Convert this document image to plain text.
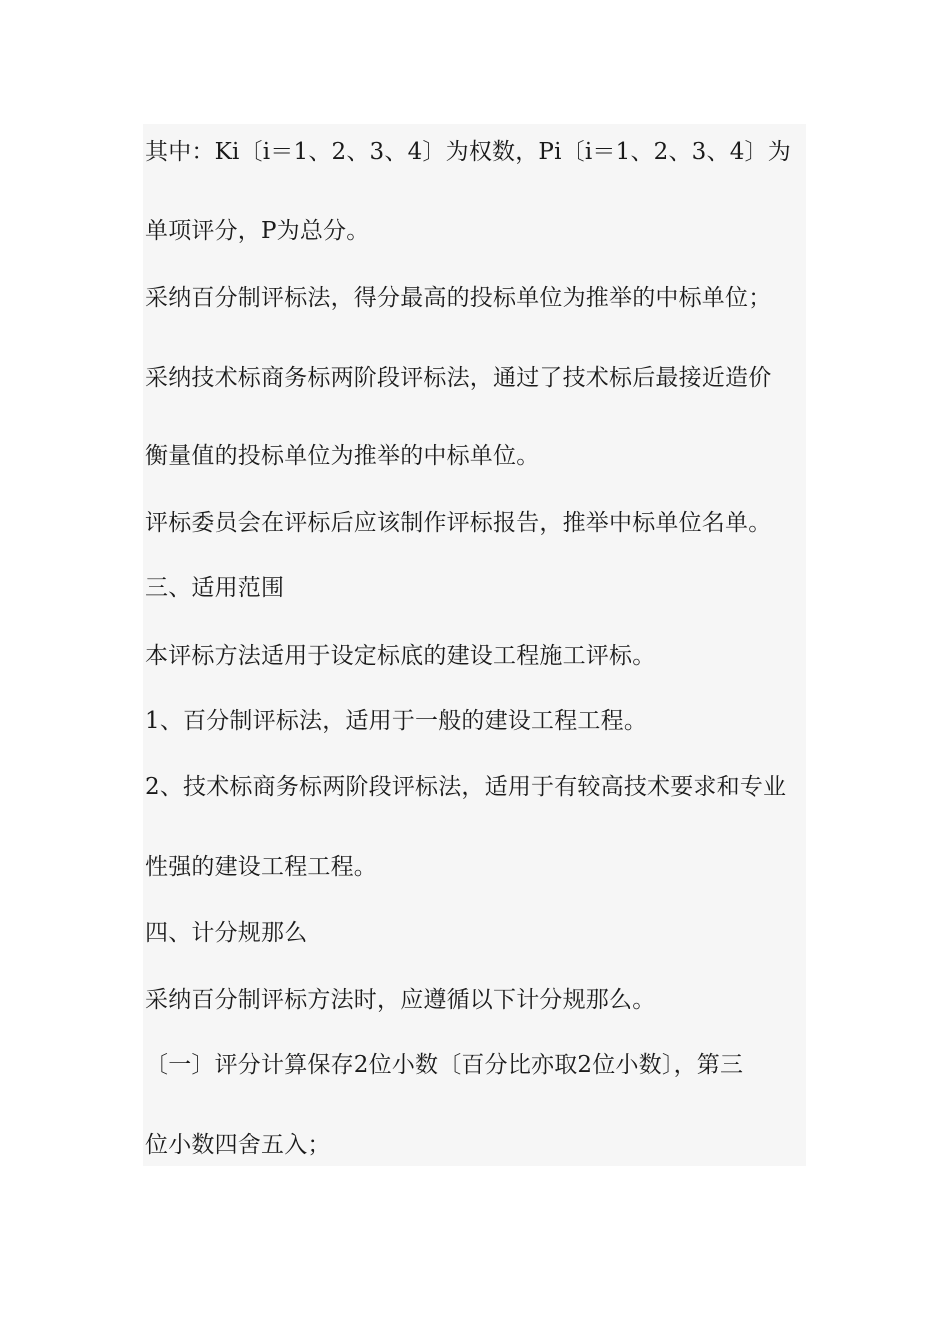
其中：Ki〔i＝1、2、3、4〕为权数，Pi〔i＝1、2、3、4〕为

单项评分，P为总分。

采纳百分制评标法，得分最高的投标单位为推举的中标单位；

采纳技术标商务标两阶段评标法，通过了技术标后最接近造价

衡量值的投标单位为推举的中标单位。

评标委员会在评标后应该制作评标报告，推举中标单位名单。

三、适用范围

本评标方法适用于设定标底的建设工程施工评标。

1、百分制评标法，适用于一般的建设工程工程。

2、技术标商务标两阶段评标法，适用于有较高技术要求和专业

性强的建设工程工程。

四、计分规那么

采纳百分制评标方法时，应遵循以下计分规那么。

〔一〕评分计算保存2位小数〔百分比亦取2位小数〕，第三

位小数四舍五入；
